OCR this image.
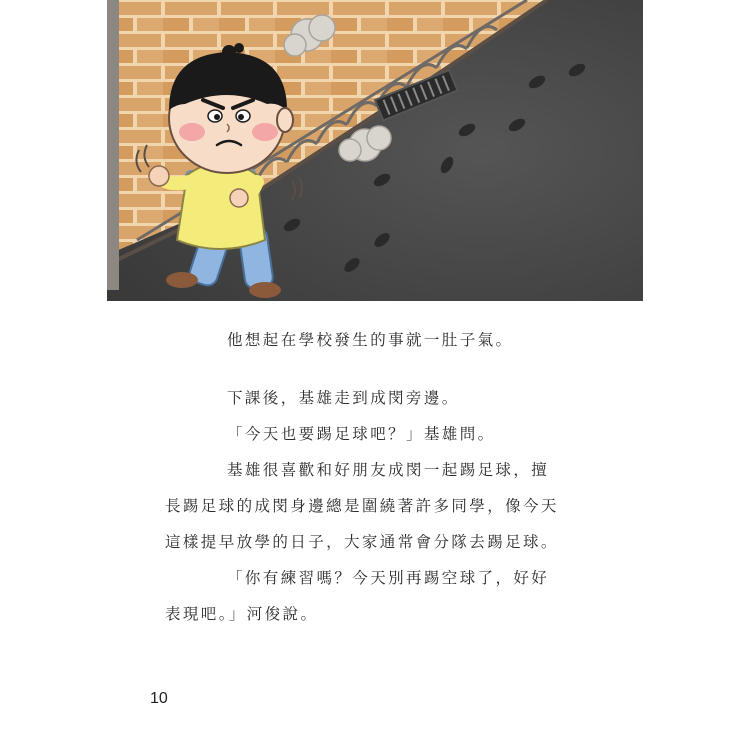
他想起在學校發生的事就一肚子氣。

下課後，基雄走到成閔旁邊。

「今天也要踢足球吧？」基雄問。

基雄很喜歡和好朋友成閔一起踢足球，擅長踢足球的成閔身邊總是圍繞著許多同學，像今天這樣提早放學的日子，大家通常會分隊去踢足球。

「你有練習嗎？今天別再踢空球了，好好表現吧。」河俊說。

10
